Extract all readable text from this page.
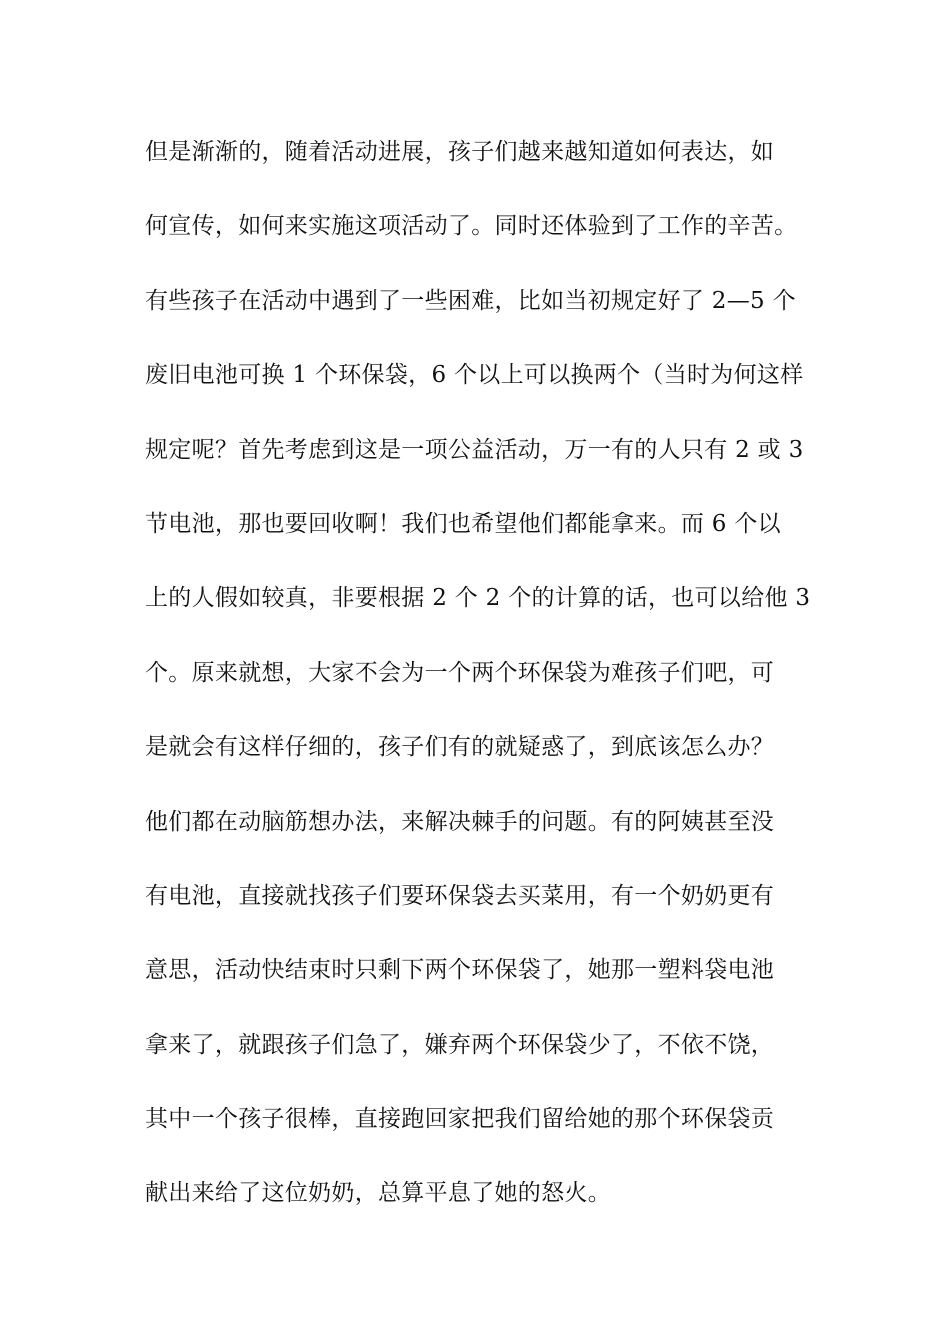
但是渐渐的，随着活动进展，孩子们越来越知道如何表达，如
何宣传，如何来实施这项活动了。同时还体验到了工作的辛苦。
有些孩子在活动中遇到了一些困难，比如当初规定好了 2—5 个
废旧电池可换 1 个环保袋，6 个以上可以换两个（当时为何这样
规定呢？首先考虑到这是一项公益活动，万一有的人只有 2 或 3
节电池，那也要回收啊！我们也希望他们都能拿来。而 6 个以
上的人假如较真，非要根据 2 个 2 个的计算的话，也可以给他 3
个。原来就想，大家不会为一个两个环保袋为难孩子们吧，可
是就会有这样仔细的，孩子们有的就疑惑了，到底该怎么办？
他们都在动脑筋想办法，来解决棘手的问题。有的阿姨甚至没
有电池，直接就找孩子们要环保袋去买菜用，有一个奶奶更有
意思，活动快结束时只剩下两个环保袋了，她那一塑料袋电池
拿来了，就跟孩子们急了，嫌弃两个环保袋少了，不依不饶，
其中一个孩子很棒，直接跑回家把我们留给她的那个环保袋贡
献出来给了这位奶奶，总算平息了她的怒火。
